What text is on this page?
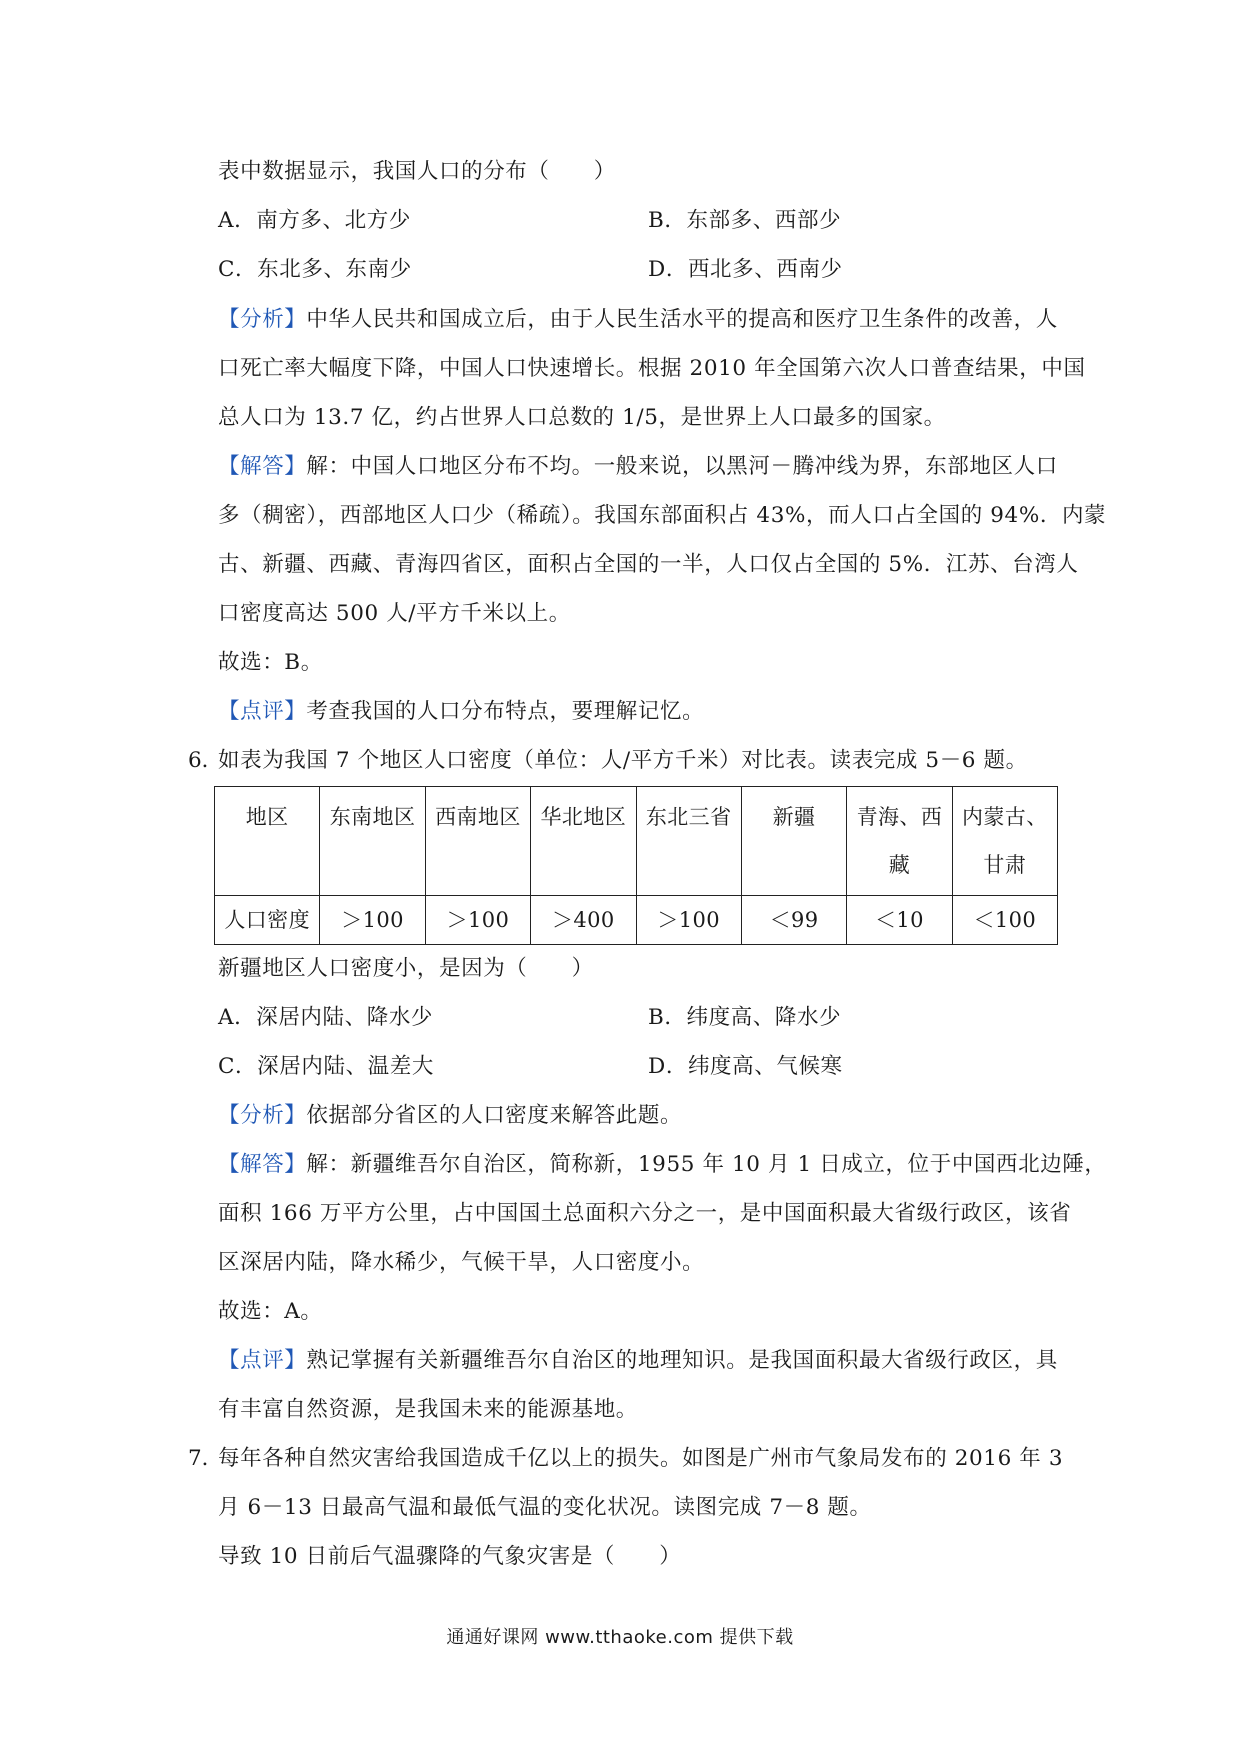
表中数据显示，我国人口的分布（　　）
A．南方多、北方少	B．东部多、西部少
C．东北多、东南少	D．西北多、西南少
【分析】中华人民共和国成立后，由于人民生活水平的提高和医疗卫生条件的改善，人
口死亡率大幅度下降，中国人口快速增长。根据 2010 年全国第六次人口普查结果，中国
总人口为 13.7 亿，约占世界人口总数的 1/5，是世界上人口最多的国家。
【解答】解：中国人口地区分布不均。一般来说，以黑河－腾冲线为界，东部地区人口
多（稠密），西部地区人口少（稀疏）。我国东部面积占 43%，而人口占全国的 94%．内蒙
古、新疆、西藏、青海四省区，面积占全国的一半，人口仅占全国的 5%．江苏、台湾人
口密度高达 500 人/平方千米以上。
故选：B。
【点评】考查我国的人口分布特点，要理解记忆。
6．
如表为我国 7 个地区人口密度（单位：人/平方千米）对比表。读表完成 5－6 题。
地区	东南地区	西南地区	华北地区	东北三省	新疆	青海、西藏	内蒙古、甘肃
人口密度	＞100	＞100	＞400	＞100	＜99	＜10	＜100
新疆地区人口密度小，是因为（　　）
A．深居内陆、降水少	B．纬度高、降水少
C．深居内陆、温差大	D．纬度高、气候寒
【分析】依据部分省区的人口密度来解答此题。
【解答】解：新疆维吾尔自治区，简称新，1955 年 10 月 1 日成立，位于中国西北边陲，
面积 166 万平方公里，占中国国土总面积六分之一，是中国面积最大省级行政区，该省
区深居内陆，降水稀少，气候干旱，人口密度小。
故选：A。
【点评】熟记掌握有关新疆维吾尔自治区的地理知识。是我国面积最大省级行政区，具
有丰富自然资源，是我国未来的能源基地。
7．
每年各种自然灾害给我国造成千亿以上的损失。如图是广州市气象局发布的 2016 年 3
月 6－13 日最高气温和最低气温的变化状况。读图完成 7－8 题。
导致 10 日前后气温骤降的气象灾害是（　　）
通通好课网 www.tthaoke.com 提供下载
